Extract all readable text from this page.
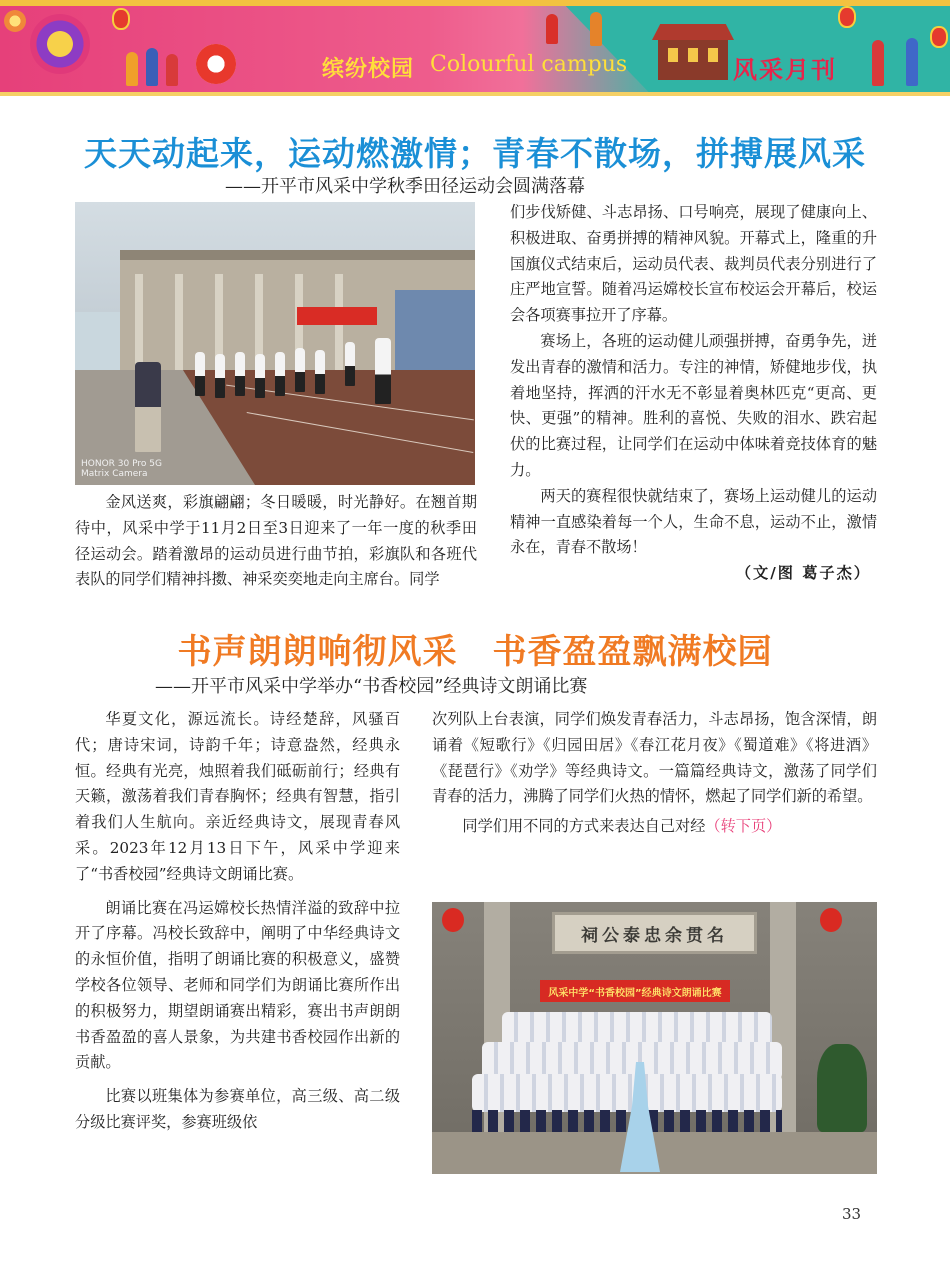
缤纷校园 Colourful campus	风采月刊
天天动起来，运动燃激情；青春不散场，拼搏展风采
——开平市风采中学秋季田径运动会圆满落幕
HONOR 30 Pro 5G
Matrix Camera

金风送爽，彩旗翩翩；冬日暖暖，时光静好。在翘首期待中，风采中学于11月2日至3日迎来了一年一度的秋季田径运动会。踏着激昂的运动员进行曲节拍，彩旗队和各班代表队的同学们精神抖擞、神采奕奕地走向主席台。同学

们步伐矫健、斗志昂扬、口号响亮，展现了健康向上、积极进取、奋勇拼搏的精神风貌。开幕式上，隆重的升国旗仪式结束后，运动员代表、裁判员代表分别进行了庄严地宣誓。随着冯运嫦校长宣布校运会开幕后，校运会各项赛事拉开了序幕。

赛场上，各班的运动健儿顽强拼搏，奋勇争先，迸发出青春的激情和活力。专注的神情，矫健地步伐，执着地坚持，挥洒的汗水无不彰显着奥林匹克“更高、更快、更强”的精神。胜利的喜悦、失败的泪水、跌宕起伏的比赛过程，让同学们在运动中体味着竞技体育的魅力。

两天的赛程很快就结束了，赛场上运动健儿的运动精神一直感染着每一个人，生命不息，运动不止，激情永在，青春不散场！

（文/图 葛子杰）
书声朗朗响彻风采　书香盈盈飘满校园
——开平市风采中学举办“书香校园”经典诗文朗诵比赛

华夏文化，源远流长。诗经楚辞，风骚百代；唐诗宋词，诗韵千年；诗意盎然，经典永恒。经典有光亮，烛照着我们砥砺前行；经典有天籁，激荡着我们青春胸怀；经典有智慧，指引着我们人生航向。亲近经典诗文，展现青春风采。2023年12月13日下午，风采中学迎来了“书香校园”经典诗文朗诵比赛。

朗诵比赛在冯运嫦校长热情洋溢的致辞中拉开了序幕。冯校长致辞中，阐明了中华经典诗文的永恒价值，指明了朗诵比赛的积极意义，盛赞学校各位领导、老师和同学们为朗诵比赛所作出的积极努力，期望朗诵赛出精彩，赛出书声朗朗书香盈盈的喜人景象，为共建书香校园作出新的贡献。

比赛以班集体为参赛单位，高三级、高二级分级比赛评奖，参赛班级依

次列队上台表演，同学们焕发青春活力，斗志昂扬，饱含深情，朗诵着《短歌行》《归园田居》《春江花月夜》《蜀道难》《将进酒》《琵琶行》《劝学》等经典诗文。一篇篇经典诗文，激荡了同学们青春的活力，沸腾了同学们火热的情怀，燃起了同学们新的希望。

同学们用不同的方式来表达自己对经（转下页）

祠公泰忠余贯名
风采中学“书香校园”经典诗文朗诵比赛
33
